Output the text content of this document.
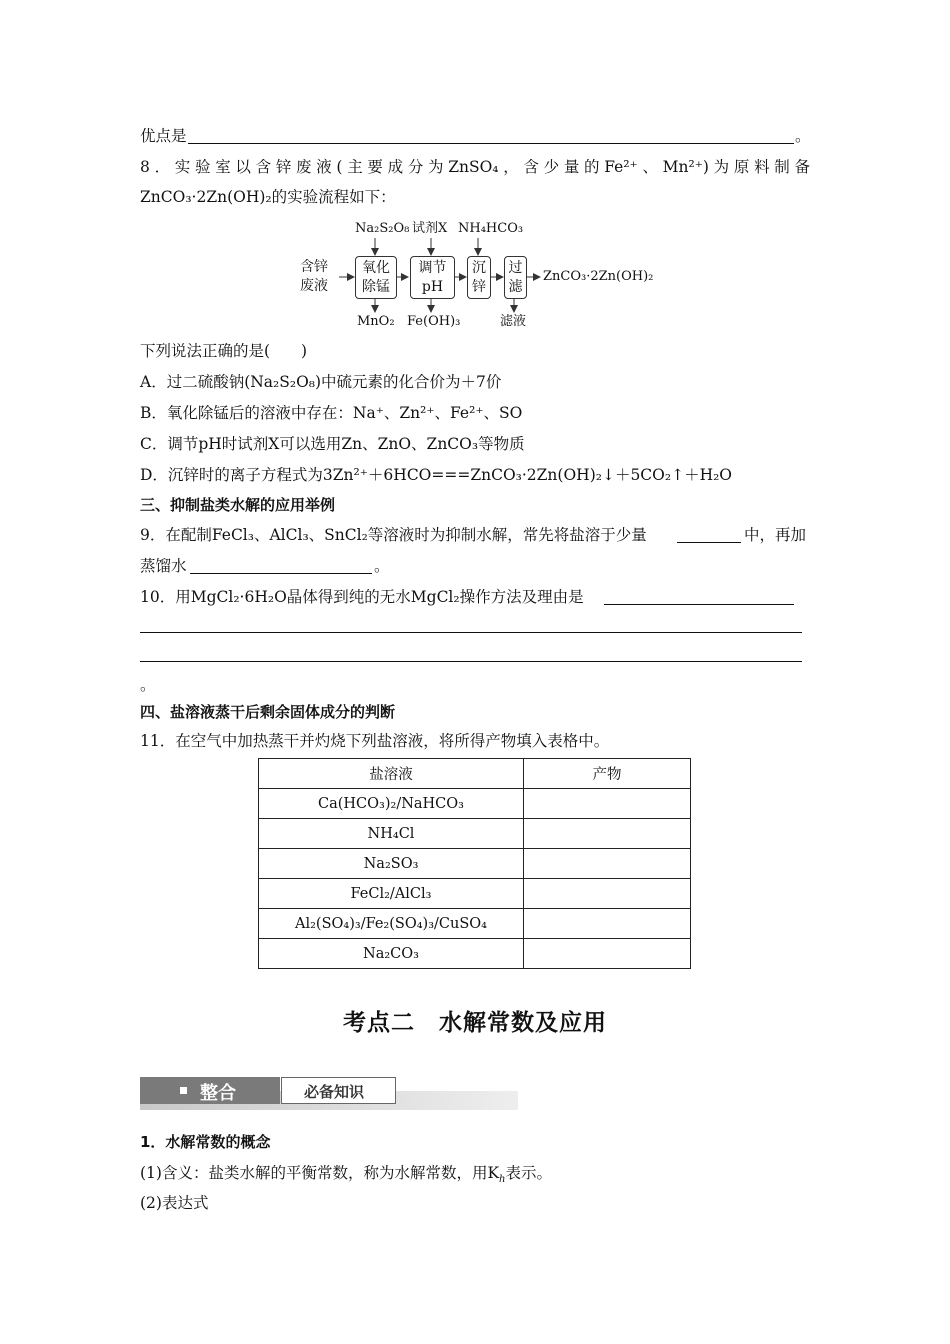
优点是	。
8．实验室以含锌废液(主要成分为ZnSO₄，含少量的Fe²⁺、Mn²⁺)为原料制备
ZnCO₃·2Zn(OH)₂的实验流程如下：
含锌
废液
氧化
除锰
调节
pH
沉
锌
过
滤
Na₂S₂O₈ 试剂X NH₄HCO₃
MnO₂ Fe(OH)₃	滤液
ZnCO₃·2Zn(OH)₂
下列说法正确的是(　　)
A．过二硫酸钠(Na₂S₂O₈)中硫元素的化合价为＋7价
B．氧化除锰后的溶液中存在：Na⁺、Zn²⁺、Fe²⁺、SO
C．调节pH时试剂X可以选用Zn、ZnO、ZnCO₃等物质
D．沉锌时的离子方程式为3Zn²⁺＋6HCO===ZnCO₃·2Zn(OH)₂↓＋5CO₂↑＋H₂O
三、抑制盐类水解的应用举例
9．在配制FeCl₃、AlCl₃、SnCl₂等溶液时为抑制水解，常先将盐溶于少量	中，再加
蒸馏水	。
10．用MgCl₂·6H₂O晶体得到纯的无水MgCl₂操作方法及理由是
。
四、盐溶液蒸干后剩余固体成分的判断
11．在空气中加热蒸干并灼烧下列盐溶液，将所得产物填入表格中。
盐溶液	产物
Ca(HCO₃)₂/NaHCO₃	
NH₄Cl	
Na₂SO₃	
FeCl₂/AlCl₃	
Al₂(SO₄)₃/Fe₂(SO₄)₃/CuSO₄	
Na₂CO₃	
考点二　水解常数及应用
整合	必备知识
1．水解常数的概念
(1)含义：盐类水解的平衡常数，称为水解常数，用$K_h$表示。
(2)表达式
